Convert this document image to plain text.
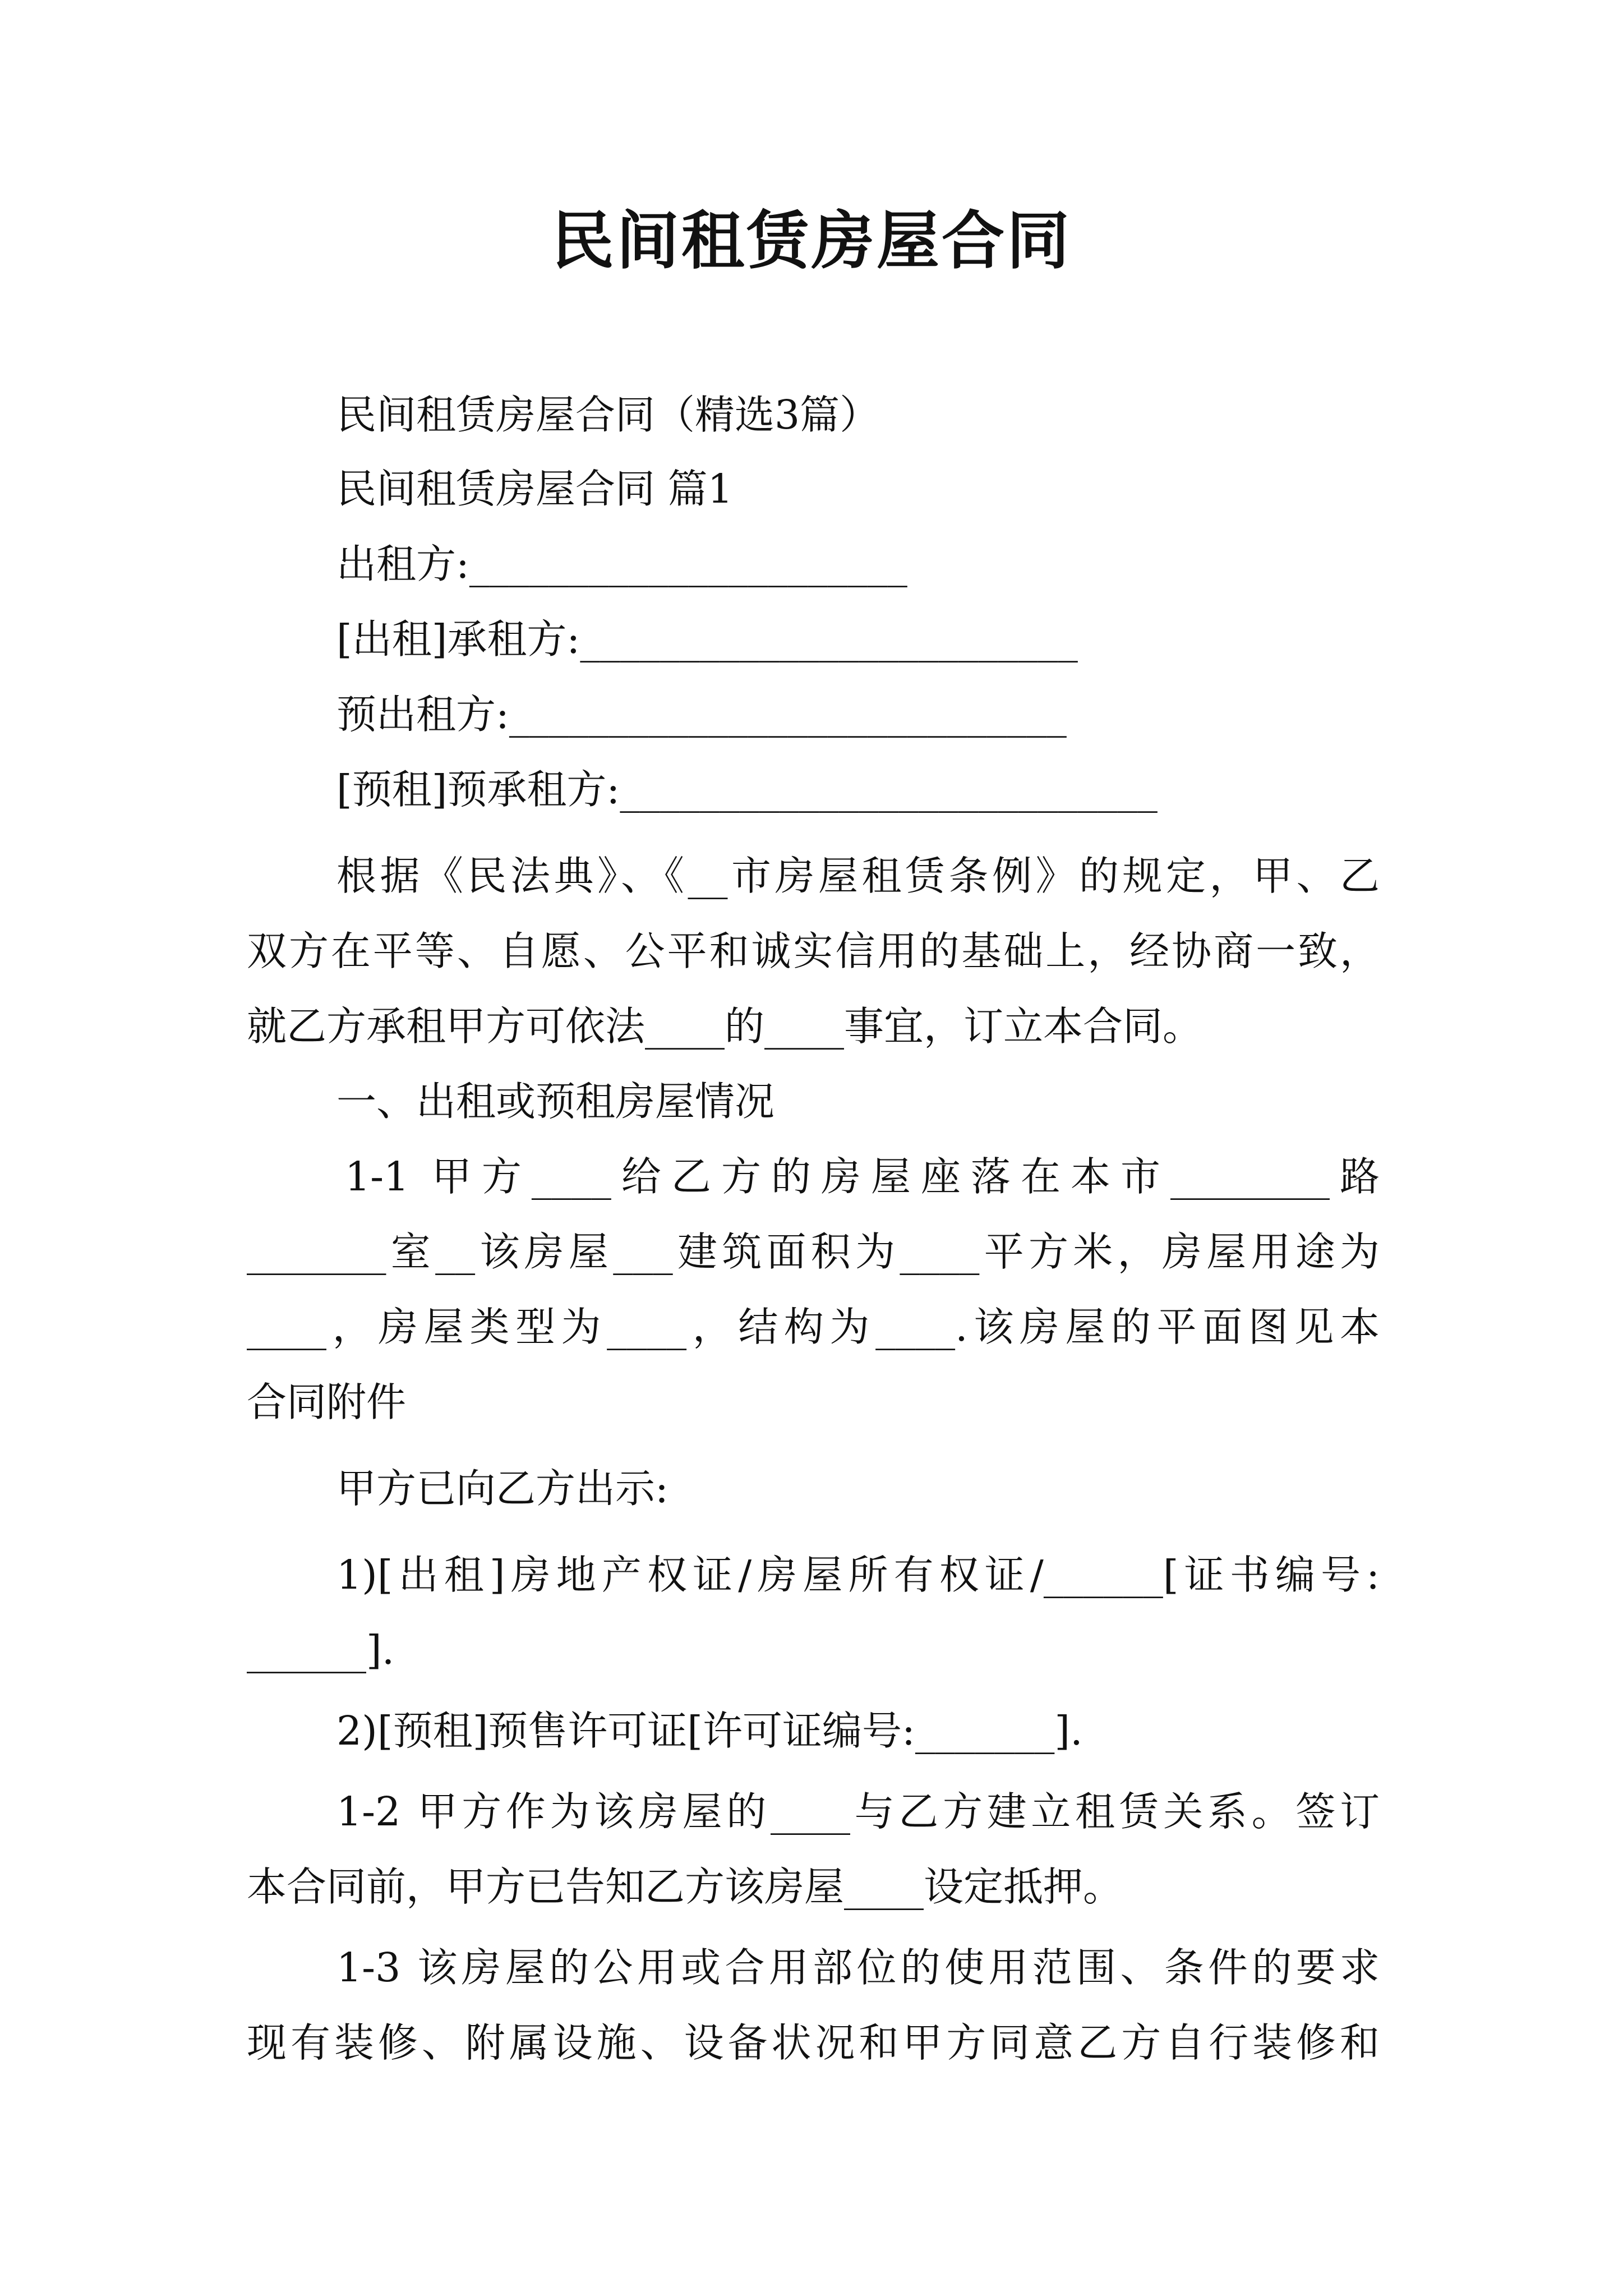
民间租赁房屋合同
民间租赁房屋合同（精选3篇）
民间租赁房屋合同 篇1
出租方:______________________
[出租]承租方:_________________________
预出租方:____________________________
[预租]预承租方:___________________________
根据《民法典》、《__市房屋租赁条例》的规定，甲、乙
双方在平等、自愿、公平和诚实信用的基础上，经协商一致，
就乙方承租甲方可依法____的____事宜，订立本合同。
一、出租或预租房屋情况
1-1 甲方____给乙方的房屋座落在本市________路
_______室__该房屋___建筑面积为____平方米，房屋用途为
____，房屋类型为____，结构为____.该房屋的平面图见本
合同附件
甲方已向乙方出示:
1)[出租]房地产权证/房屋所有权证/______[证书编号:
______].
2)[预租]预售许可证[许可证编号:_______].
1-2 甲方作为该房屋的____与乙方建立租赁关系。签订
本合同前，甲方已告知乙方该房屋____设定抵押。
1-3 该房屋的公用或合用部位的使用范围、条件的要求
现有装修、附属设施、设备状况和甲方同意乙方自行装修和
